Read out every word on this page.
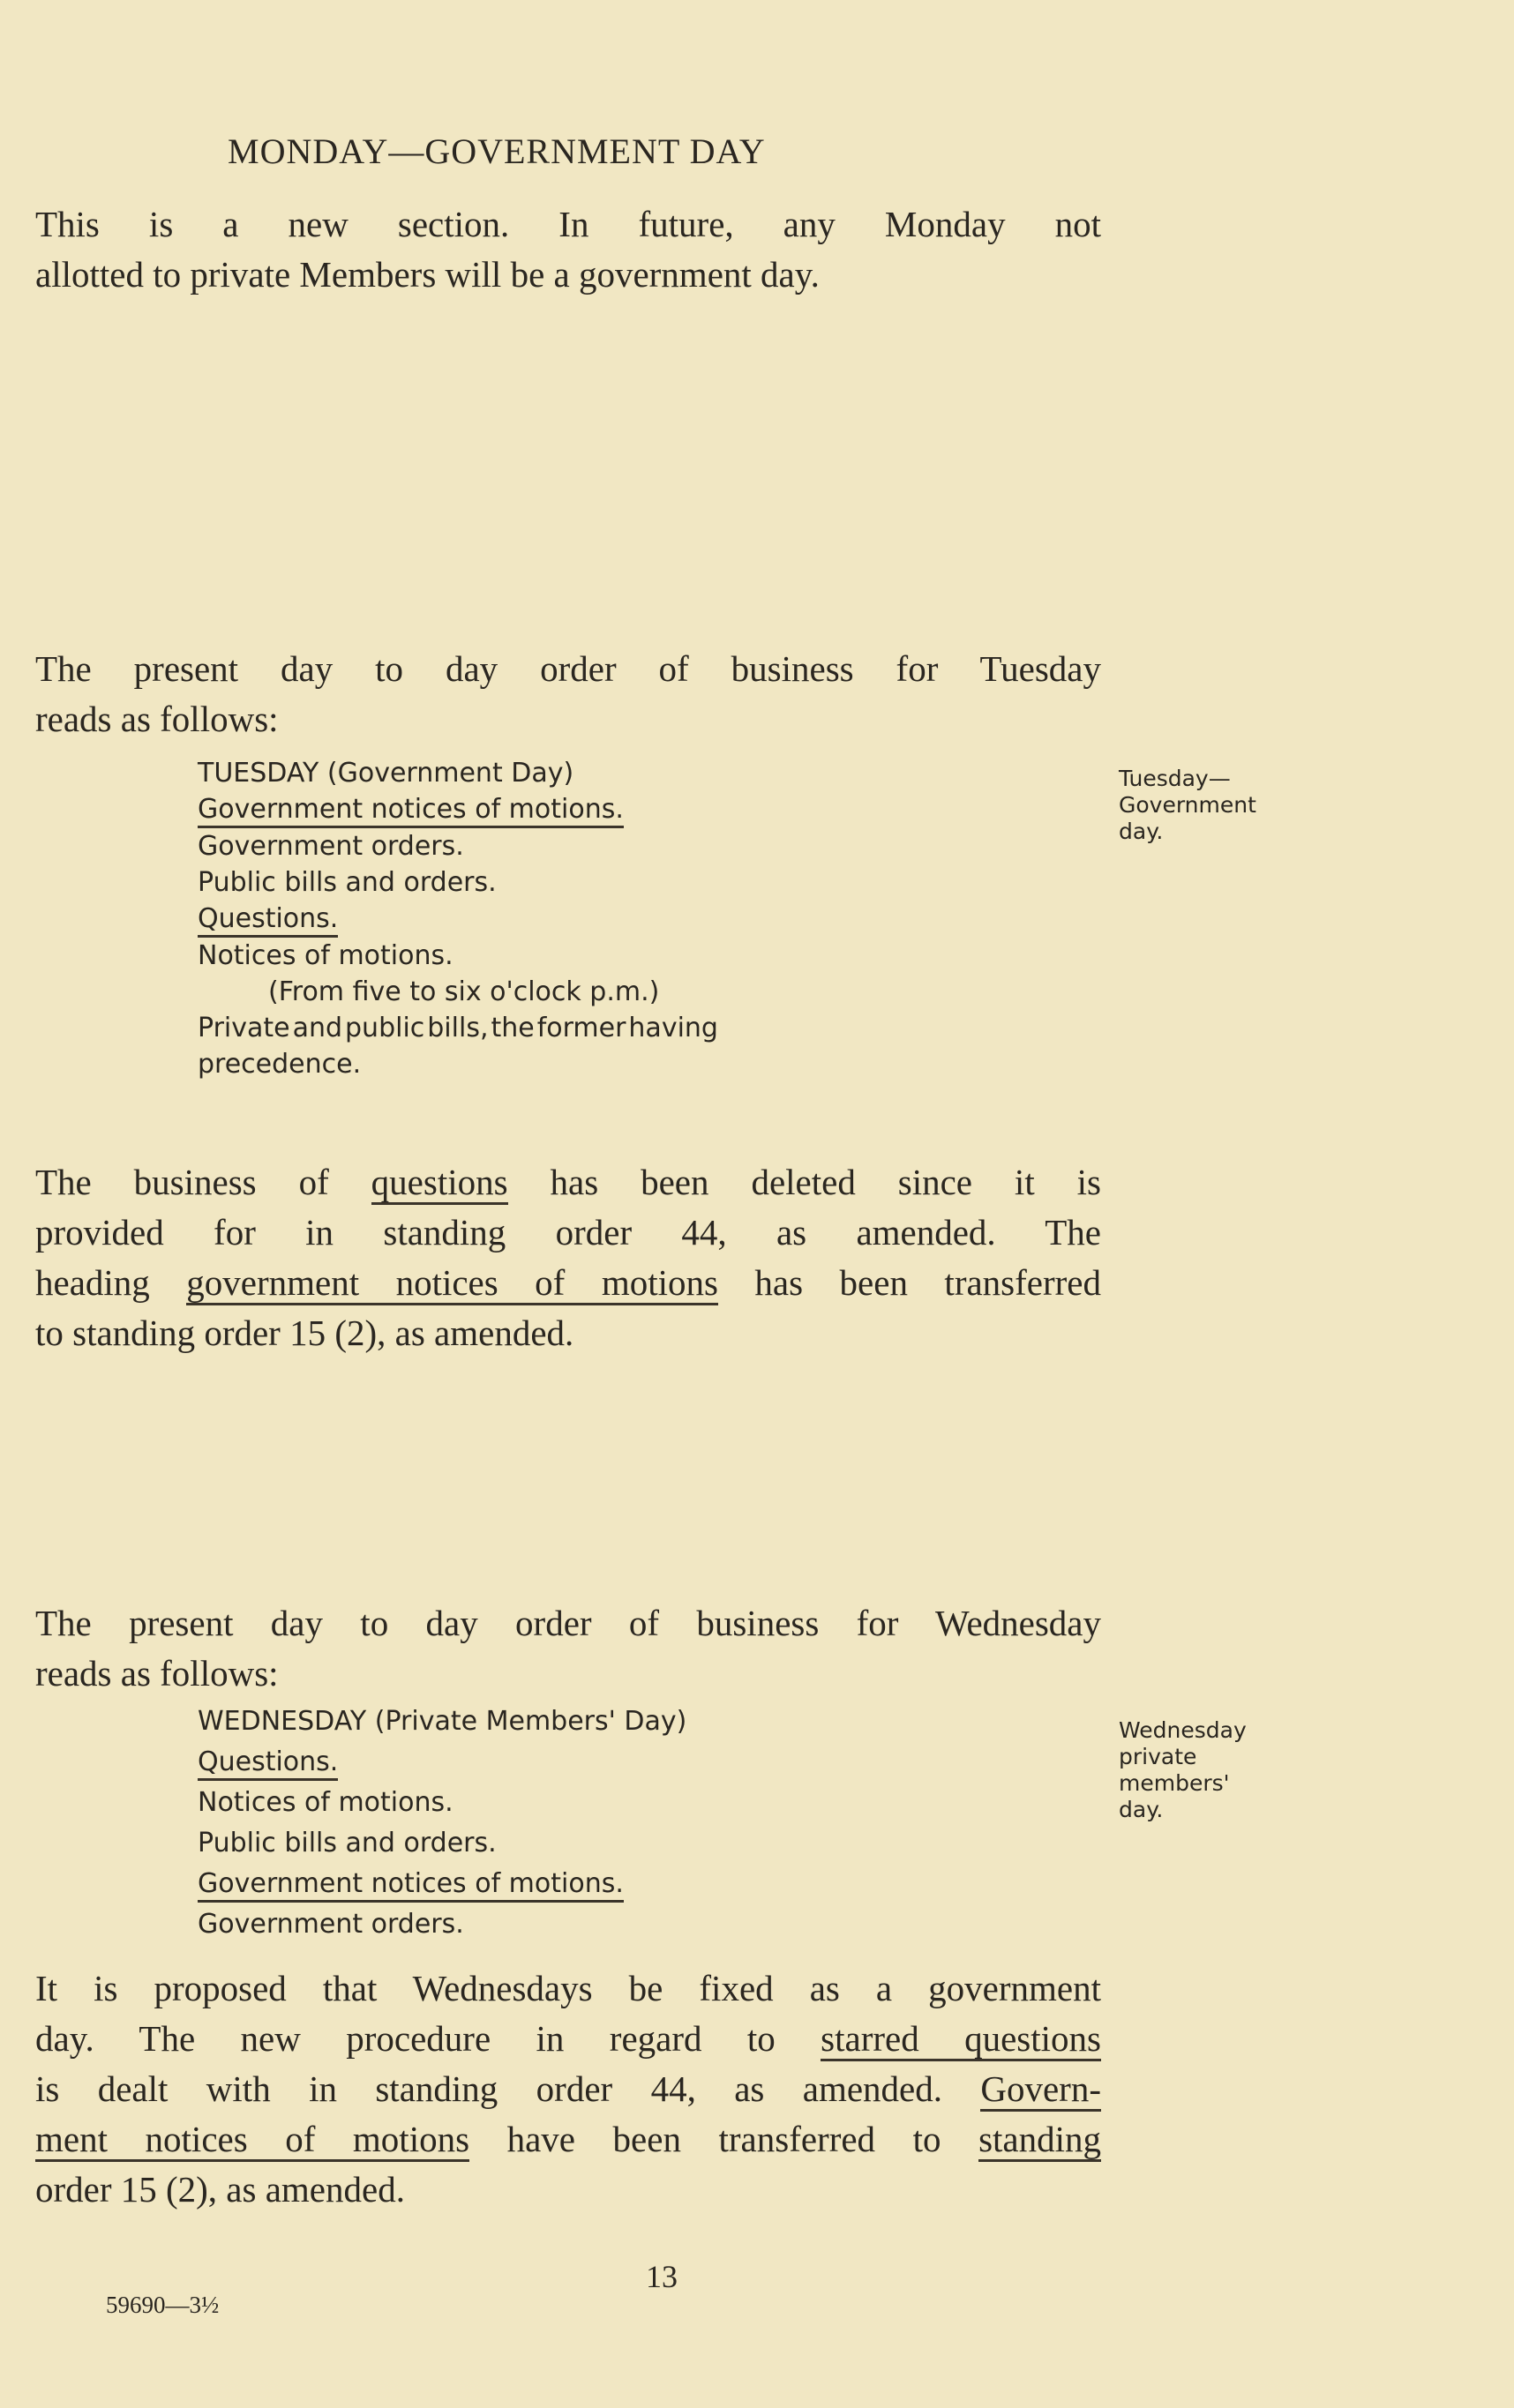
MONDAY—GOVERNMENT DAY

This is a new section. In future, any Monday not
allotted to private Members will be a government day.

The present day to day order of business for Tuesday
reads as follows:

TUESDAY (Government Day)
Government notices of motions.
Government orders.
Public bills and orders.
Questions.
Notices of motions.
(From five to six o'clock p.m.)
Private and public bills, the former having
precedence.

Tuesday—
Government
day.

The business of questions has been deleted since it is
provided for in standing order 44, as amended. The
heading government notices of motions has been transferred
to standing order 15 (2), as amended.

The present day to day order of business for Wednesday
reads as follows:

WEDNESDAY (Private Members' Day)
Questions.
Notices of motions.
Public bills and orders.
Government notices of motions.
Government orders.

Wednesday
private
members'
day.

It is proposed that Wednesdays be fixed as a government
day. The new procedure in regard to starred questions
is dealt with in standing order 44, as amended. Govern-
ment notices of motions have been transferred to standing
order 15 (2), as amended.

13
59690—3½
